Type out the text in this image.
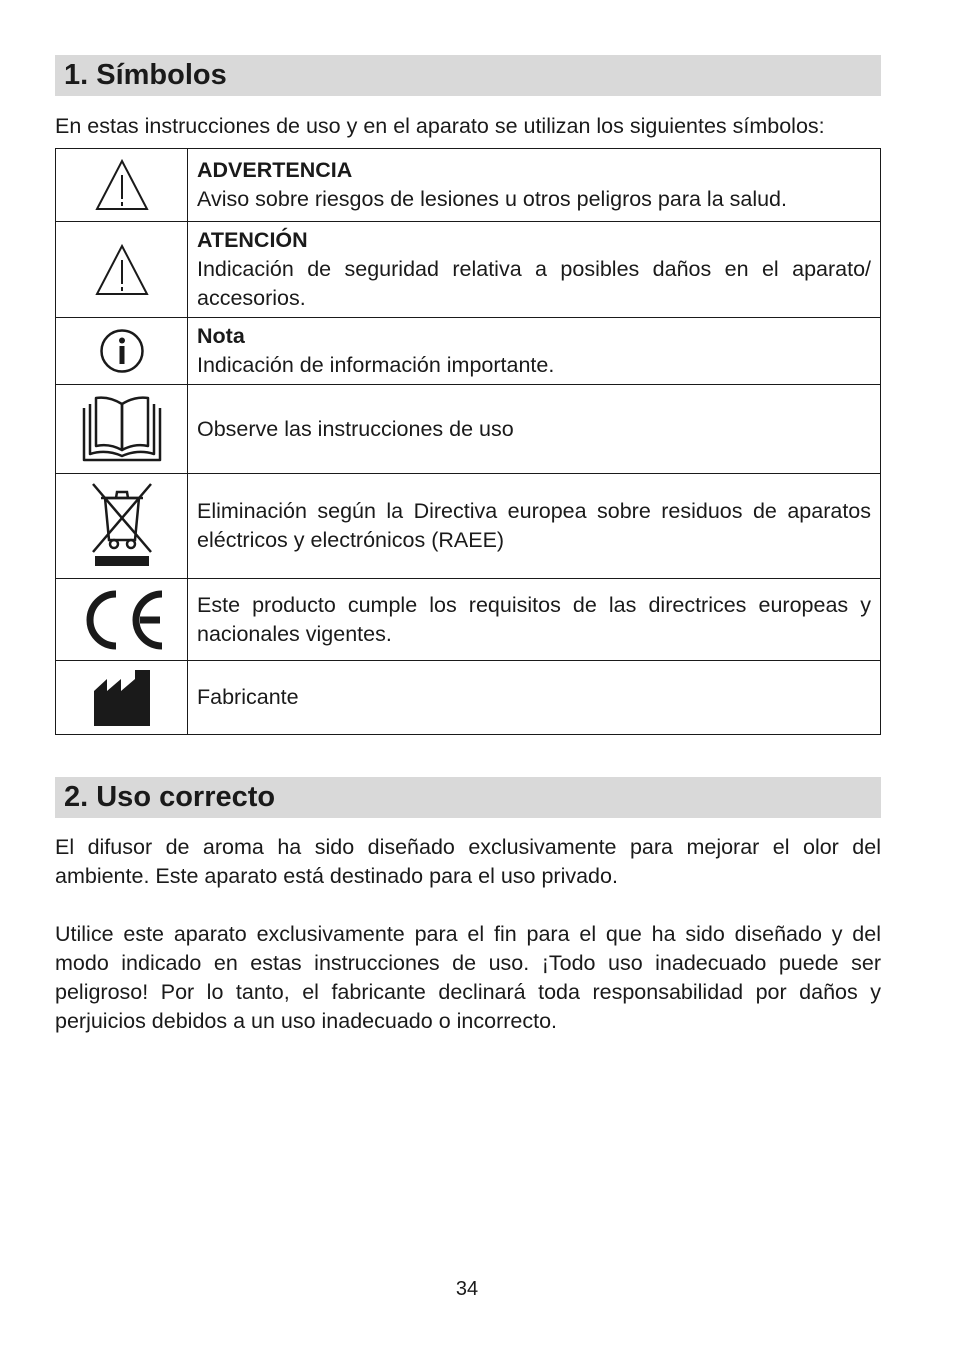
1. Símbolos
En estas instrucciones de uso y en el aparato se utilizan los siguientes símbolos:

ADVERTENCIA
Aviso sobre riesgos de lesiones u otros peligros para la salud.

ATENCIÓN
Indicación de seguridad relativa a posibles daños en el aparato/ accesorios.

Nota
Indicación de información importante.

Observe las instrucciones de uso

Eliminación según la Directiva europea sobre residuos de aparatos eléctricos y electrónicos (RAEE)

Este producto cumple los requisitos de las directrices europeas y nacionales vigentes.

Fabricante
2. Uso correcto
El difusor de aroma ha sido diseñado exclusivamente para mejorar el olor del ambiente. Este aparato está destinado para el uso privado.
Utilice este aparato exclusivamente para el fin para el que ha sido diseñado y del modo indicado en estas instrucciones de uso. ¡Todo uso inadecuado puede ser peligroso! Por lo tanto, el fabricante declinará toda responsabilidad por daños y perjuicios debidos a un uso inadecuado o incorrecto.
34
